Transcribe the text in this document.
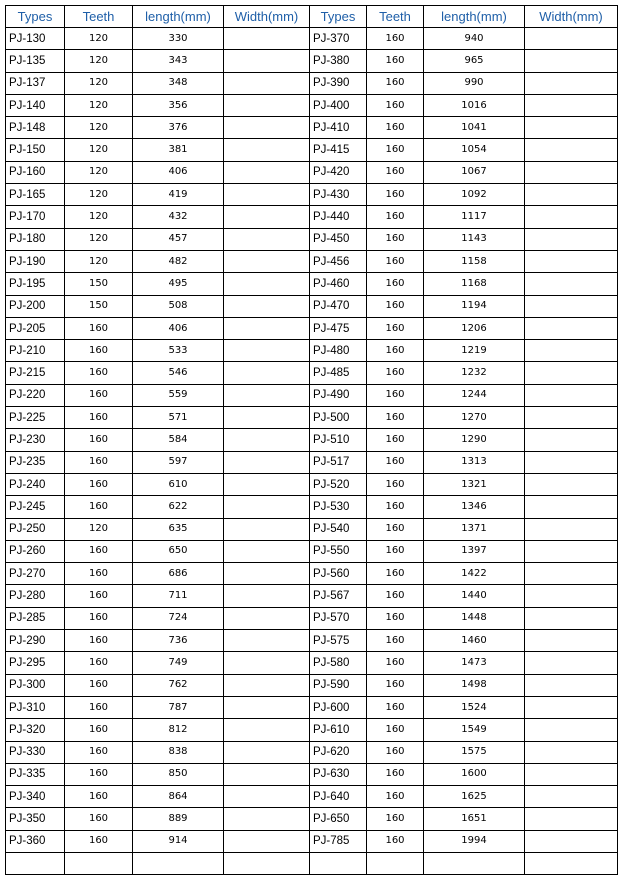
Types	Teeth	length(mm)	Width(mm)	Types	Teeth	length(mm)	Width(mm)
PJ-130	120	330		PJ-370	160	940	
PJ-135	120	343		PJ-380	160	965	
PJ-137	120	348		PJ-390	160	990	
PJ-140	120	356		PJ-400	160	1016	
PJ-148	120	376		PJ-410	160	1041	
PJ-150	120	381		PJ-415	160	1054	
PJ-160	120	406		PJ-420	160	1067	
PJ-165	120	419		PJ-430	160	1092	
PJ-170	120	432		PJ-440	160	1117	
PJ-180	120	457		PJ-450	160	1143	
PJ-190	120	482		PJ-456	160	1158	
PJ-195	150	495		PJ-460	160	1168	
PJ-200	150	508		PJ-470	160	1194	
PJ-205	160	406		PJ-475	160	1206	
PJ-210	160	533		PJ-480	160	1219	
PJ-215	160	546		PJ-485	160	1232	
PJ-220	160	559		PJ-490	160	1244	
PJ-225	160	571		PJ-500	160	1270	
PJ-230	160	584		PJ-510	160	1290	
PJ-235	160	597		PJ-517	160	1313	
PJ-240	160	610		PJ-520	160	1321	
PJ-245	160	622		PJ-530	160	1346	
PJ-250	120	635		PJ-540	160	1371	
PJ-260	160	650		PJ-550	160	1397	
PJ-270	160	686		PJ-560	160	1422	
PJ-280	160	711		PJ-567	160	1440	
PJ-285	160	724		PJ-570	160	1448	
PJ-290	160	736		PJ-575	160	1460	
PJ-295	160	749		PJ-580	160	1473	
PJ-300	160	762		PJ-590	160	1498	
PJ-310	160	787		PJ-600	160	1524	
PJ-320	160	812		PJ-610	160	1549	
PJ-330	160	838		PJ-620	160	1575	
PJ-335	160	850		PJ-630	160	1600	
PJ-340	160	864		PJ-640	160	1625	
PJ-350	160	889		PJ-650	160	1651	
PJ-360	160	914		PJ-785	160	1994	
